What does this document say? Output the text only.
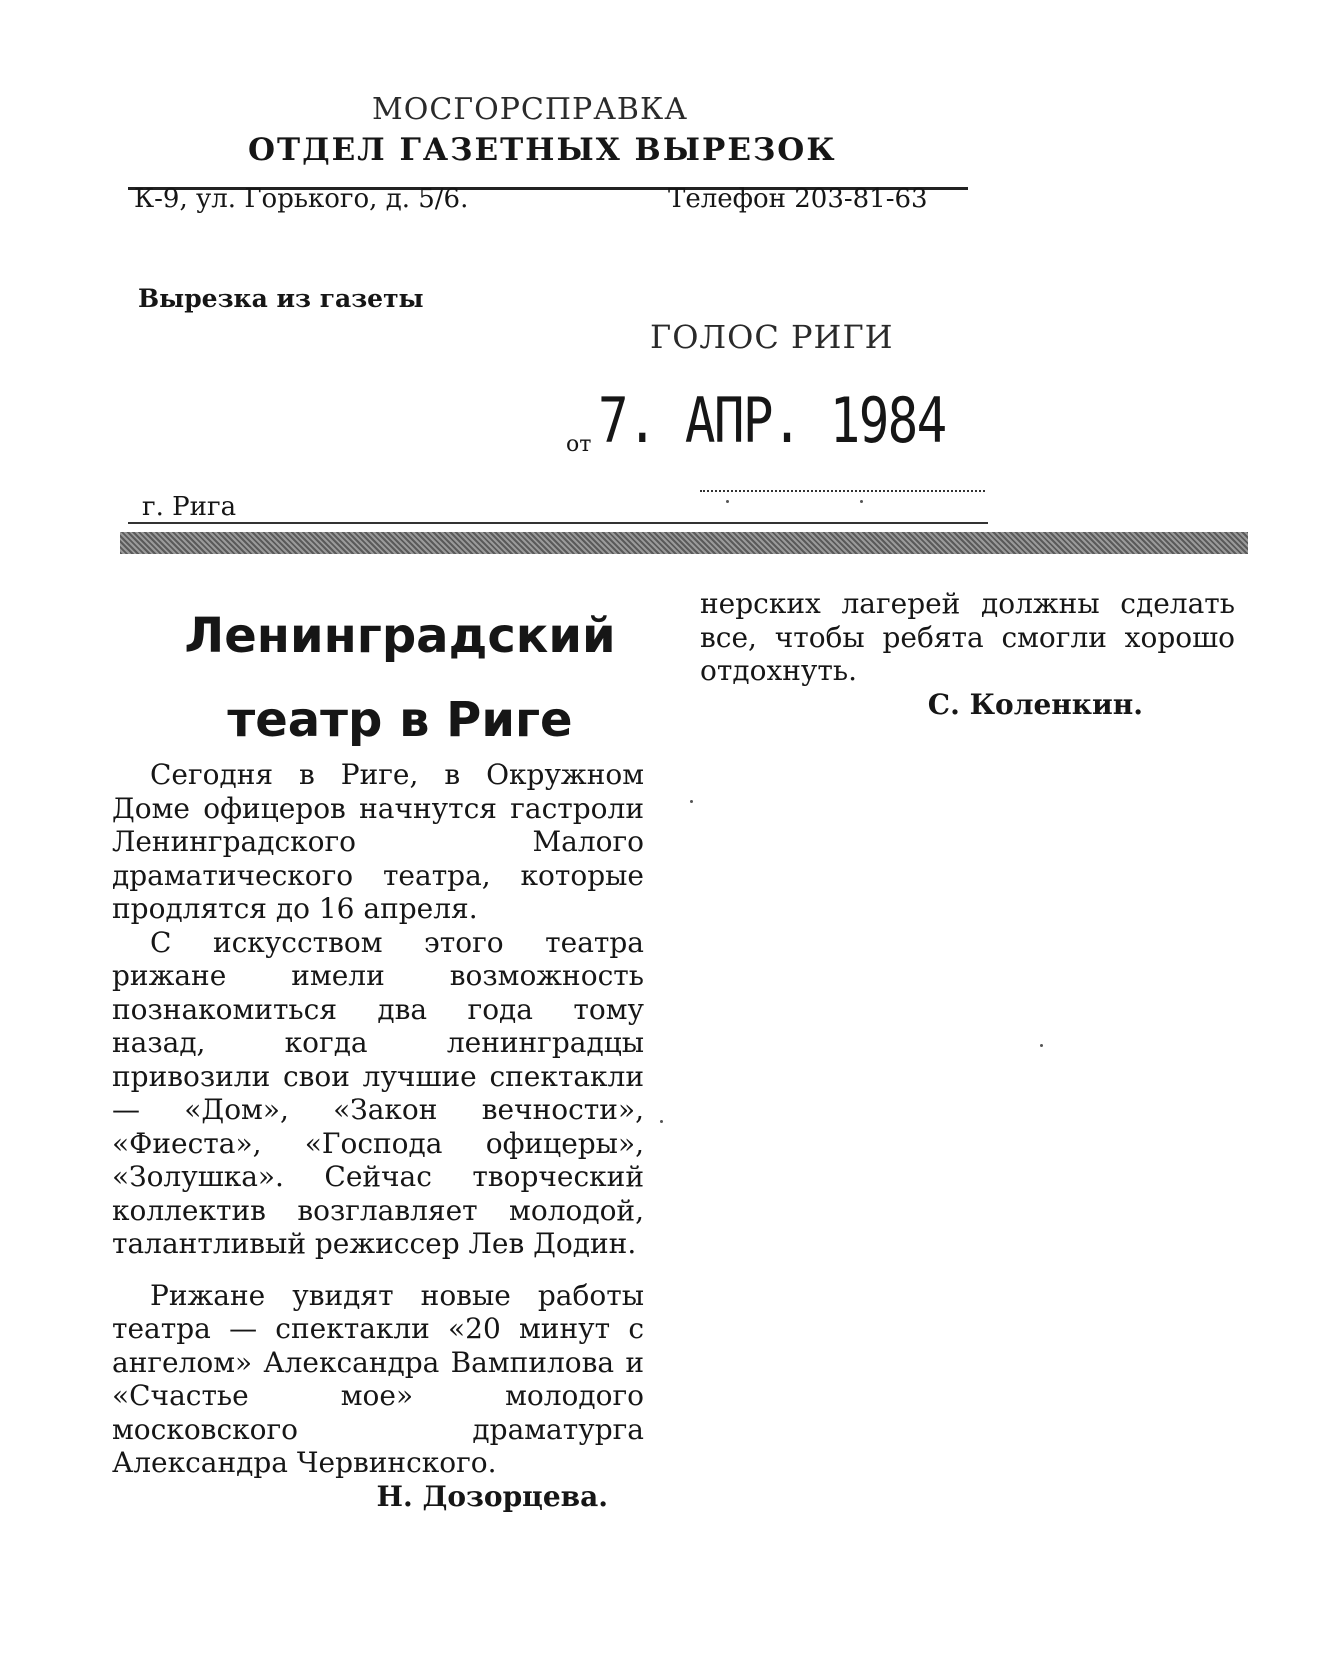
МОСГОРСПРАВКА
ОТДЕЛ ГАЗЕТНЫХ ВЫРЕЗОК
К-9, ул. Горького, д. 5/6.	Телефон 203-81-63
Вырезка из газеты
ГОЛОС РИГИ
от 7. АПР. 1984
г. Рига
Ленинградский
театр в Риге

Сегодня в Риге, в Окружном Доме офицеров начнутся гастроли Ленинградского Малого драматического театра, которые продлятся до 16 апреля.

С искусством этого театра рижане имели возможность познакомиться два года тому назад, когда ленинградцы привозили свои лучшие спектакли — «Дом», «Закон вечности», «Фиеста», «Господа офицеры», «Золушка». Сейчас творческий коллектив возглавляет молодой, талантливый режиссер Лев Додин.

Рижане увидят новые работы театра — спектакли «20 минут с ангелом» Александра Вампилова и «Счастье мое» молодого московского драматурга Александра Червинского.

Н. Дозорцева.

нерских лагерей должны сделать все, чтобы ребята смогли хорошо отдохнуть.

С. Коленкин.
